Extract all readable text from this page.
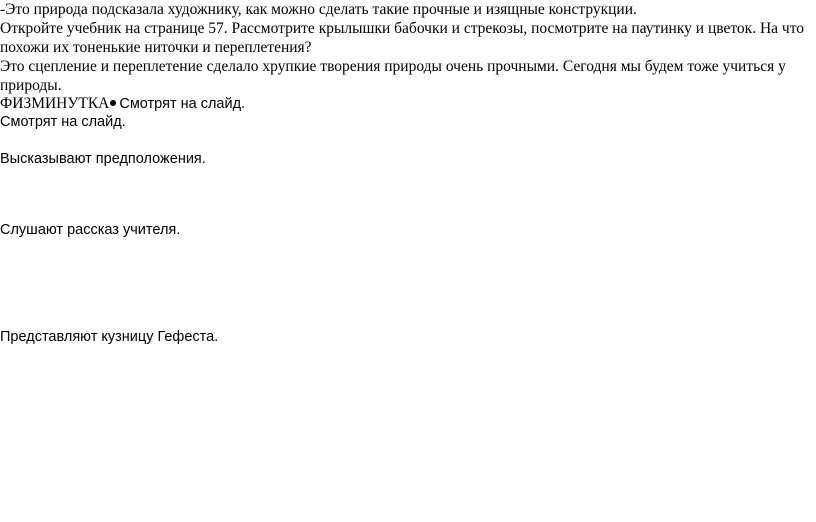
-Это природа подсказала художнику, как можно сделать такие прочные и изящные конструкции.
Откройте учебник на странице 57. Рассмотрите крылышки бабочки и стрекозы, посмотрите на паутинку и цветок. На что похожи их тоненькие ниточки и переплетения?
Это сцепление и переплетение сделало хрупкие творения природы очень прочными. Сегодня мы будем тоже учиться у природы.
ФИЗМИНУТКА Смотрят на слайд.
Смотрят на слайд.
Высказывают предположения.
Слушают рассказ учителя.
Представляют кузницу Гефеста.
